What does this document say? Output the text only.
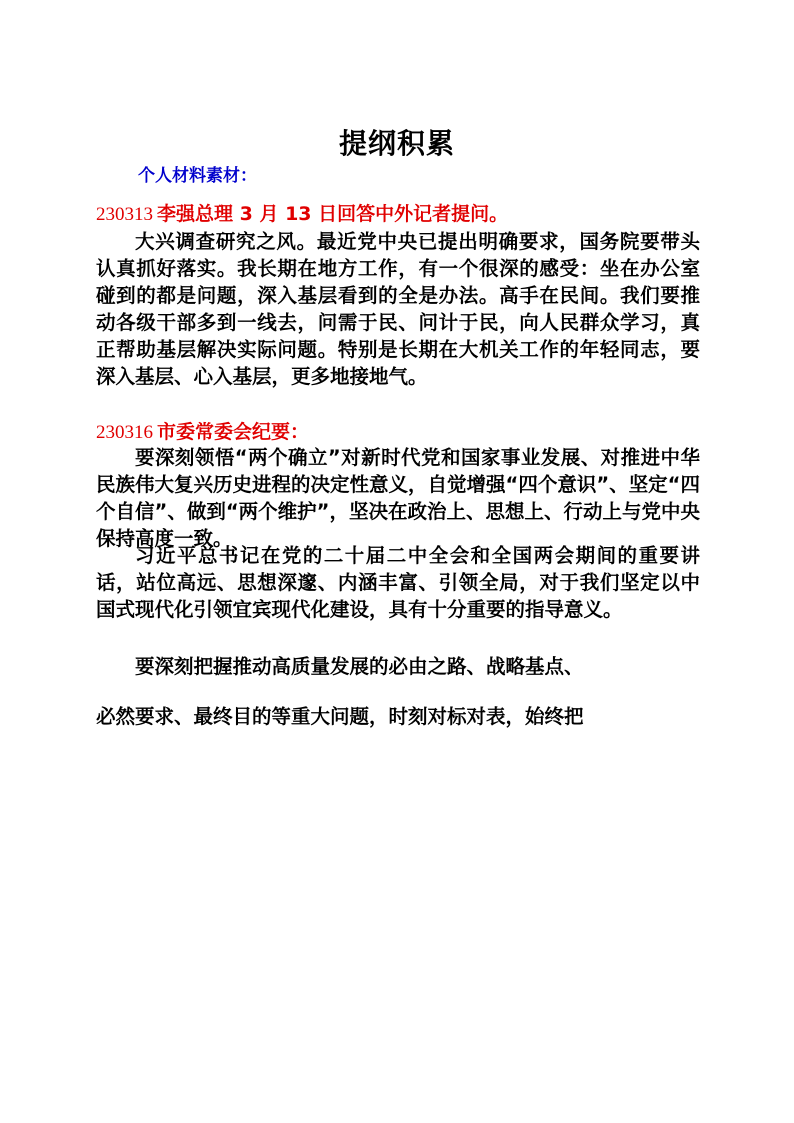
提纲积累
个人材料素材：
230313 李强总理 3 月 13 日回答中外记者提问。

大兴调查研究之风。最近党中央已提出明确要求，国务院要带头认真抓好落实。我长期在地方工作，有一个很深的感受：坐在办公室碰到的都是问题，深入基层看到的全是办法。高手在民间。我们要推动各级干部多到一线去，问需于民、问计于民，向人民群众学习，真正帮助基层解决实际问题。特别是长期在大机关工作的年轻同志，要深入基层、心入基层，更多地接地气。

230316 市委常委会纪要：

要深刻领悟“两个确立”对新时代党和国家事业发展、对推进中华民族伟大复兴历史进程的决定性意义，自觉增强“四个意识”、坚定“四个自信”、做到“两个维护”，坚决在政治上、思想上、行动上与党中央保持高度一致。

习近平总书记在党的二十届二中全会和全国两会期间的重要讲话，站位高远、思想深邃、内涵丰富、引领全局，对于我们坚定以中国式现代化引领宜宾现代化建设，具有十分重要的指导意义。

要深刻把握推动高质量发展的必由之路、战略基点、

必然要求、最终目的等重大问题，时刻对标对表，始终把
